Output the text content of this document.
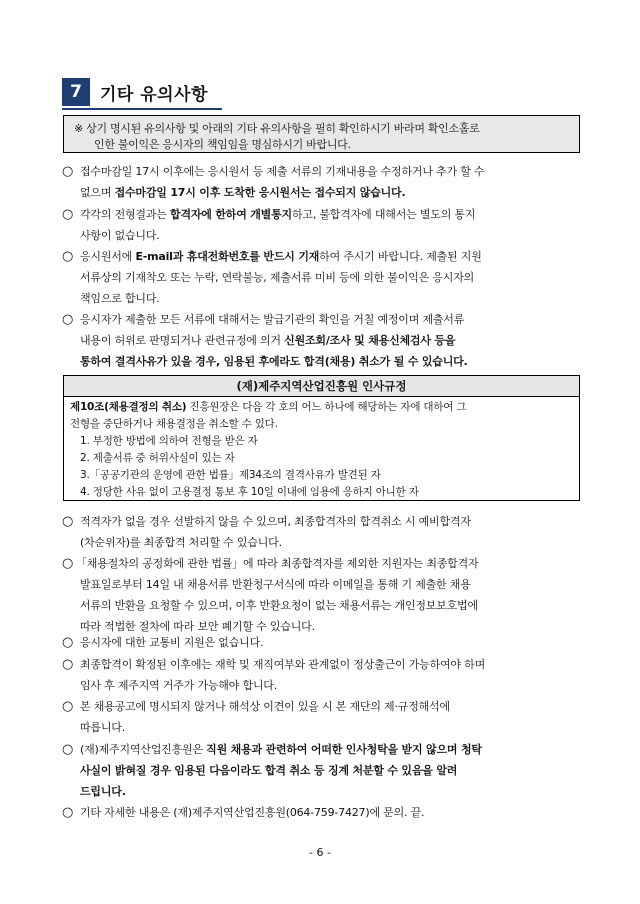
7	기타 유의사항
※ 상기 명시된 유의사항 및 아래의 기타 유의사항을 필히 확인하시기 바라며 확인소홀로
인한 불이익은 응시자의 책임임을 명심하시기 바랍니다.
○ 접수마감일 17시 이후에는 응시원서 등 제출 서류의 기재내용을 수정하거나 추가 할 수
없으며 접수마감일 17시 이후 도착한 응시원서는 접수되지 않습니다.
○ 각각의 전형결과는 합격자에 한하여 개별통지하고, 불합격자에 대해서는 별도의 통지
사항이 없습니다.
○ 응시원서에 E-mail과 휴대전화번호를 반드시 기재하여 주시기 바랍니다. 제출된 지원
서류상의 기재착오 또는 누락, 연락불능, 제출서류 미비 등에 의한 불이익은 응시자의
책임으로 합니다.
○ 응시자가 제출한 모든 서류에 대해서는 발급기관의 확인을 거칠 예정이며 제출서류
내용이 허위로 판명되거나 관련규정에 의거 신원조회/조사 및 채용신체검사 등을
통하여 결격사유가 있을 경우, 임용된 후에라도 합격(채용) 취소가 될 수 있습니다.
(재)제주지역산업진흥원 인사규정
제10조(채용결정의 취소) 진흥원장은 다음 각 호의 어느 하나에 해당하는 자에 대하여 그
전형을 중단하거나 채용결정을 취소할 수 있다.
1. 부정한 방법에 의하여 전형을 받은 자
2. 제출서류 중 허위사실이 있는 자
3.「공공기관의 운영에 관한 법률」제34조의 결격사유가 발견된 자
4. 정당한 사유 없이 고용결정 통보 후 10일 이내에 임용에 응하지 아니한 자
○ 적격자가 없을 경우 선발하지 않을 수 있으며, 최종합격자의 합격취소 시 예비합격자
(차순위자)를 최종합격 처리할 수 있습니다.
○ 「채용절차의 공정화에 관한 법률」에 따라 최종합격자를 제외한 지원자는 최종합격자
발표일로부터 14일 내 채용서류 반환청구서식에 따라 이메일을 통해 기 제출한 채용
서류의 반환을 요청할 수 있으며, 이후 반환요청이 없는 채용서류는 개인정보보호법에
따라 적법한 절차에 따라 보안 폐기할 수 있습니다.
○ 응시자에 대한 교통비 지원은 없습니다.
○ 최종합격이 확정된 이후에는 재학 및 재직여부와 관계없이 정상출근이 가능하여야 하며
임사 후 제주지역 거주가 가능해야 합니다.
○ 본 채용공고에 명시되지 않거나 해석상 이견이 있을 시 본 재단의 제·규정해석에
따릅니다.
○ (재)제주지역산업진흥원은 직원 채용과 관련하여 어떠한 인사청탁을 받지 않으며 청탁
사실이 밝혀질 경우 임용된 다음이라도 합격 취소 등 징계 처분할 수 있음을 알려
드립니다.
○ 기타 자세한 내용은 (재)제주지역산업진흥원(064-759-7427)에 문의. 끝.
- 6 -
